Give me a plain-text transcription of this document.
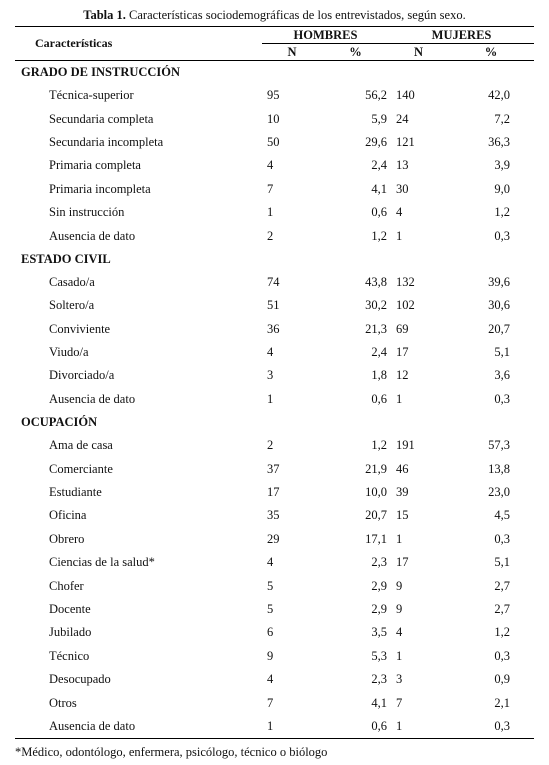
Tabla 1. Características sociodemográficas de los entrevistados, según sexo.
Características	HOMBRES		MUJERES	
	N	%	N	%
GRADO DE INSTRUCCIÓN				
Técnica-superior	95	56,2	140	42,0
Secundaria completa	10	5,9	24	7,2
Secundaria incompleta	50	29,6	121	36,3
Primaria completa	4	2,4	13	3,9
Primaria incompleta	7	4,1	30	9,0
Sin instrucción	1	0,6	4	1,2
Ausencia de dato	2	1,2	1	0,3
ESTADO CIVIL				
Casado/a	74	43,8	132	39,6
Soltero/a	51	30,2	102	30,6
Conviviente	36	21,3	69	20,7
Viudo/a	4	2,4	17	5,1
Divorciado/a	3	1,8	12	3,6
Ausencia de dato	1	0,6	1	0,3
OCUPACIÓN				
Ama de casa	2	1,2	191	57,3
Comerciante	37	21,9	46	13,8
Estudiante	17	10,0	39	23,0
Oficina	35	20,7	15	4,5
Obrero	29	17,1	1	0,3
Ciencias de la salud*	4	2,3	17	5,1
Chofer	5	2,9	9	2,7
Docente	5	2,9	9	2,7
Jubilado	6	3,5	4	1,2
Técnico	9	5,3	1	0,3
Desocupado	4	2,3	3	0,9
Otros	7	4,1	7	2,1
Ausencia de dato	1	0,6	1	0,3
*Médico, odontólogo, enfermera, psicólogo, técnico o biólogo
